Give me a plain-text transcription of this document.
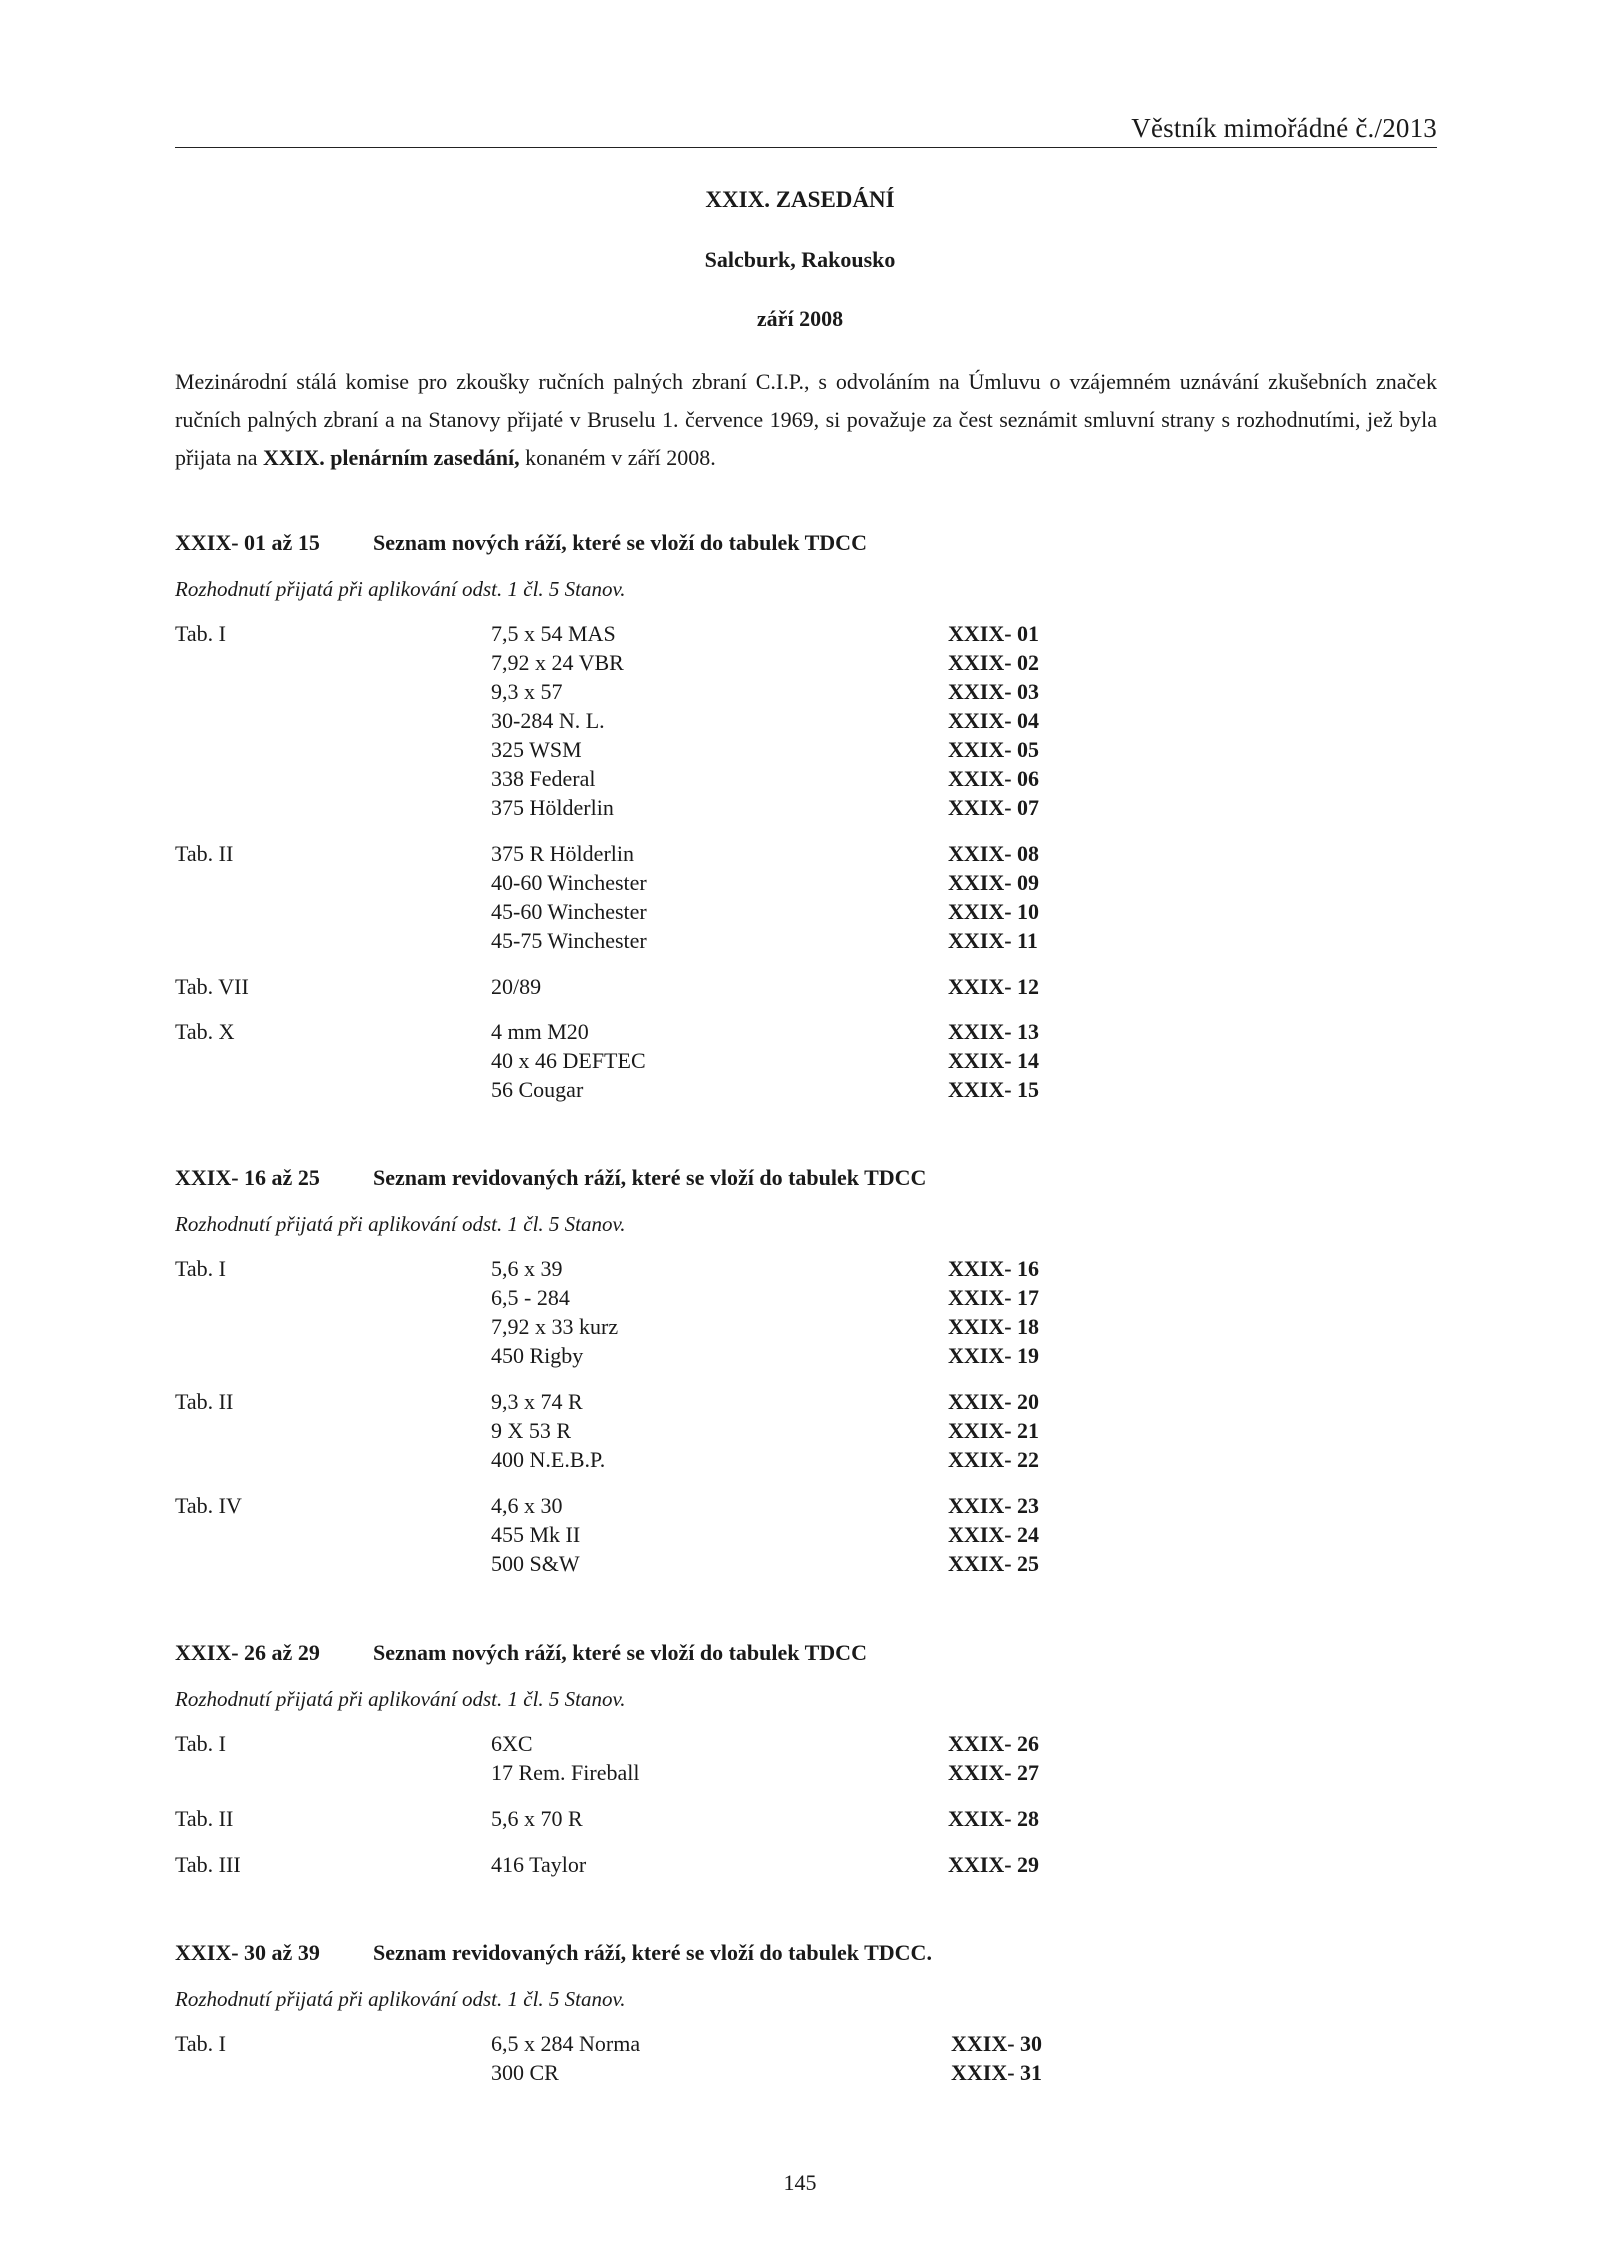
Věstník mimořádné č./2013
XXIX. ZASEDÁNÍ
Salcburk, Rakousko
září 2008
Mezinárodní stálá komise pro zkoušky ručních palných zbraní C.I.P., s odvoláním na Úmluvu o vzájemném uznávání zkušebních značek ručních palných zbraní a na Stanovy přijaté v Bruselu 1. července 1969, si považuje za čest seznámit smluvní strany s rozhodnutími, jež byla přijata na XXIX. plenárním zasedání, konaném v září 2008.
XXIX- 01 až 15 Seznam nových ráží, které se vloží do tabulek TDCC
Rozhodnutí přijatá při aplikování odst. 1 čl. 5 Stanov.
Tab. I	7,5 x 54 MAS	XXIX- 01
7,92 x 24 VBR	XXIX- 02
9,3 x 57	XXIX- 03
30-284 N. L.	XXIX- 04
325 WSM	XXIX- 05
338 Federal	XXIX- 06
375 Hölderlin	XXIX- 07
Tab. II	375 R Hölderlin	XXIX- 08
40-60 Winchester	XXIX- 09
45-60 Winchester	XXIX- 10
45-75 Winchester	XXIX- 11
Tab. VII	20/89	XXIX- 12
Tab. X	4 mm M20	XXIX- 13
40 x 46 DEFTEC	XXIX- 14
56 Cougar	XXIX- 15
XXIX- 16 až 25 Seznam revidovaných ráží, které se vloží do tabulek TDCC
Rozhodnutí přijatá při aplikování odst. 1 čl. 5 Stanov.
Tab. I	5,6 x 39	XXIX- 16
6,5 - 284	XXIX- 17
7,92 x 33 kurz	XXIX- 18
450 Rigby	XXIX- 19
Tab. II	9,3 x 74 R	XXIX- 20
9 X 53 R	XXIX- 21
400 N.E.B.P.	XXIX- 22
Tab. IV	4,6 x 30	XXIX- 23
455 Mk II	XXIX- 24
500 S&W	XXIX- 25
XXIX- 26 až 29 Seznam nových ráží, které se vloží do tabulek TDCC
Rozhodnutí přijatá při aplikování odst. 1 čl. 5 Stanov.
Tab. I	6XC	XXIX- 26
17 Rem. Fireball	XXIX- 27
Tab. II	5,6 x 70 R	XXIX- 28
Tab. III	416 Taylor	XXIX- 29
XXIX- 30 až 39 Seznam revidovaných ráží, které se vloží do tabulek TDCC.
Rozhodnutí přijatá při aplikování odst. 1 čl. 5 Stanov.
Tab. I	6,5 x 284 Norma	XXIX- 30
300 CR	XXIX- 31
145
